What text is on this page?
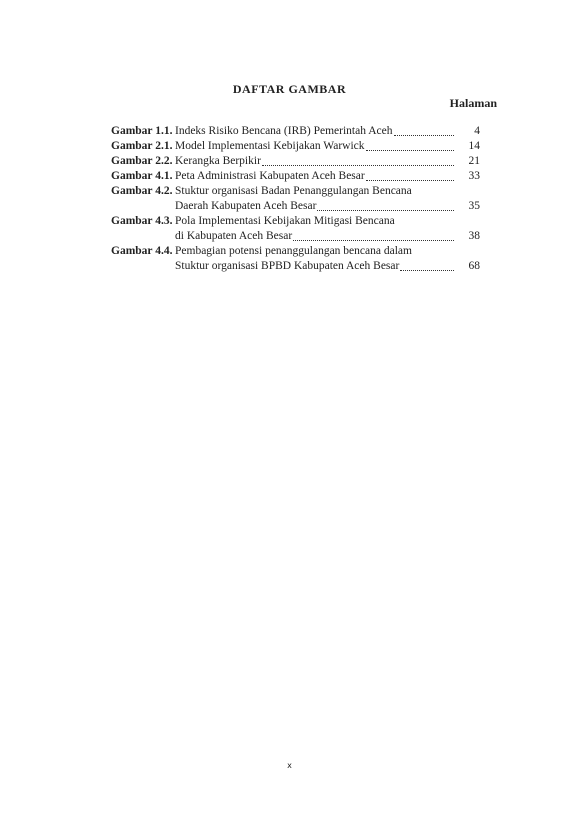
DAFTAR GAMBAR
Halaman
Gambar 1.1. Indeks Risiko Bencana (IRB) Pemerintah Aceh	4
Gambar 2.1. Model Implementasi Kebijakan Warwick	14
Gambar 2.2. Kerangka Berpikir	21
Gambar 4.1. Peta Administrasi Kabupaten Aceh Besar	33
Gambar 4.2. Stuktur organisasi Badan Penanggulangan Bencana
Daerah Kabupaten Aceh Besar	35
Gambar 4.3. Pola Implementasi Kebijakan Mitigasi Bencana
di Kabupaten Aceh Besar	38
Gambar 4.4. Pembagian potensi penanggulangan bencana dalam
Stuktur organisasi BPBD Kabupaten Aceh Besar	68
x
